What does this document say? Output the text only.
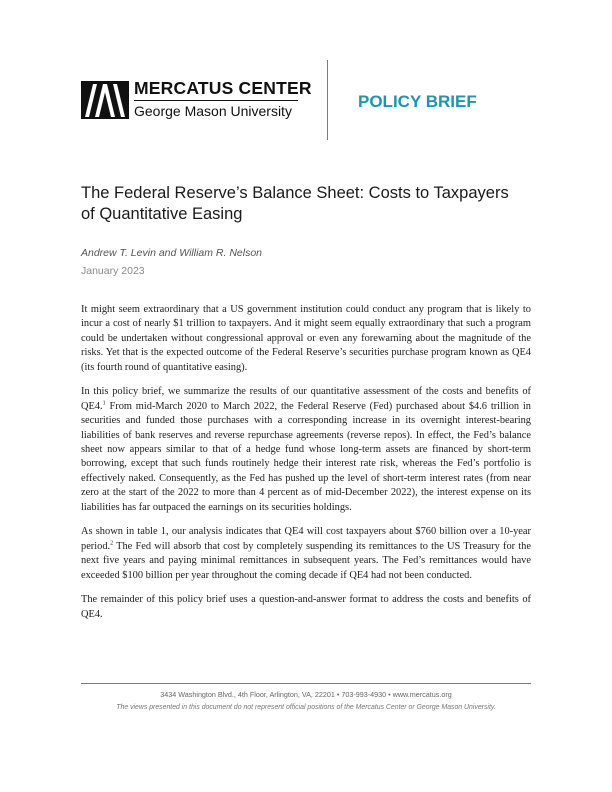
MERCATUS CENTER
George Mason University	POLICY BRIEF
The Federal Reserve’s Balance Sheet: Costs to Taxpayers
of Quantitative Easing
Andrew T. Levin and William R. Nelson
January 2023

It might seem extraordinary that a US government institution could conduct any program that is likely to incur a cost of nearly $1 trillion to taxpayers. And it might seem equally extraordinary that such a program could be undertaken without congressional approval or even any forewarning about the magnitude of the risks. Yet that is the expected outcome of the Federal Reserve’s securities purchase program known as QE4 (its fourth round of quantitative easing).

In this policy brief, we summarize the results of our quantitative assessment of the costs and benefits of QE4.$^1$ From mid-March 2020 to March 2022, the Federal Reserve (Fed) purchased about $4.6 trillion in securities and funded those purchases with a corresponding increase in its overnight interest-bearing liabilities of bank reserves and reverse repurchase agreements (reverse repos). In effect, the Fed’s balance sheet now appears similar to that of a hedge fund whose long-term assets are financed by short-term borrowing, except that such funds routinely hedge their interest rate risk, whereas the Fed’s portfolio is effectively naked. Consequently, as the Fed has pushed up the level of short-term interest rates (from near zero at the start of the 2022 to more than 4 percent as of mid-December 2022), the interest expense on its liabilities has far outpaced the earnings on its securities holdings.

As shown in table 1, our analysis indicates that QE4 will cost taxpayers about $760 billion over a 10-year period.$^2$ The Fed will absorb that cost by completely suspending its remittances to the US Treasury for the next five years and paying minimal remittances in subsequent years. The Fed’s remittances would have exceeded $100 billion per year throughout the coming decade if QE4 had not been conducted.

The remainder of this policy brief uses a question-and-answer format to address the costs and benefits of QE4.

3434 Washington Blvd., 4th Floor, Arlington, VA, 22201 • 703-993-4930 • www.mercatus.org
The views presented in this document do not represent official positions of the Mercatus Center or George Mason University.
